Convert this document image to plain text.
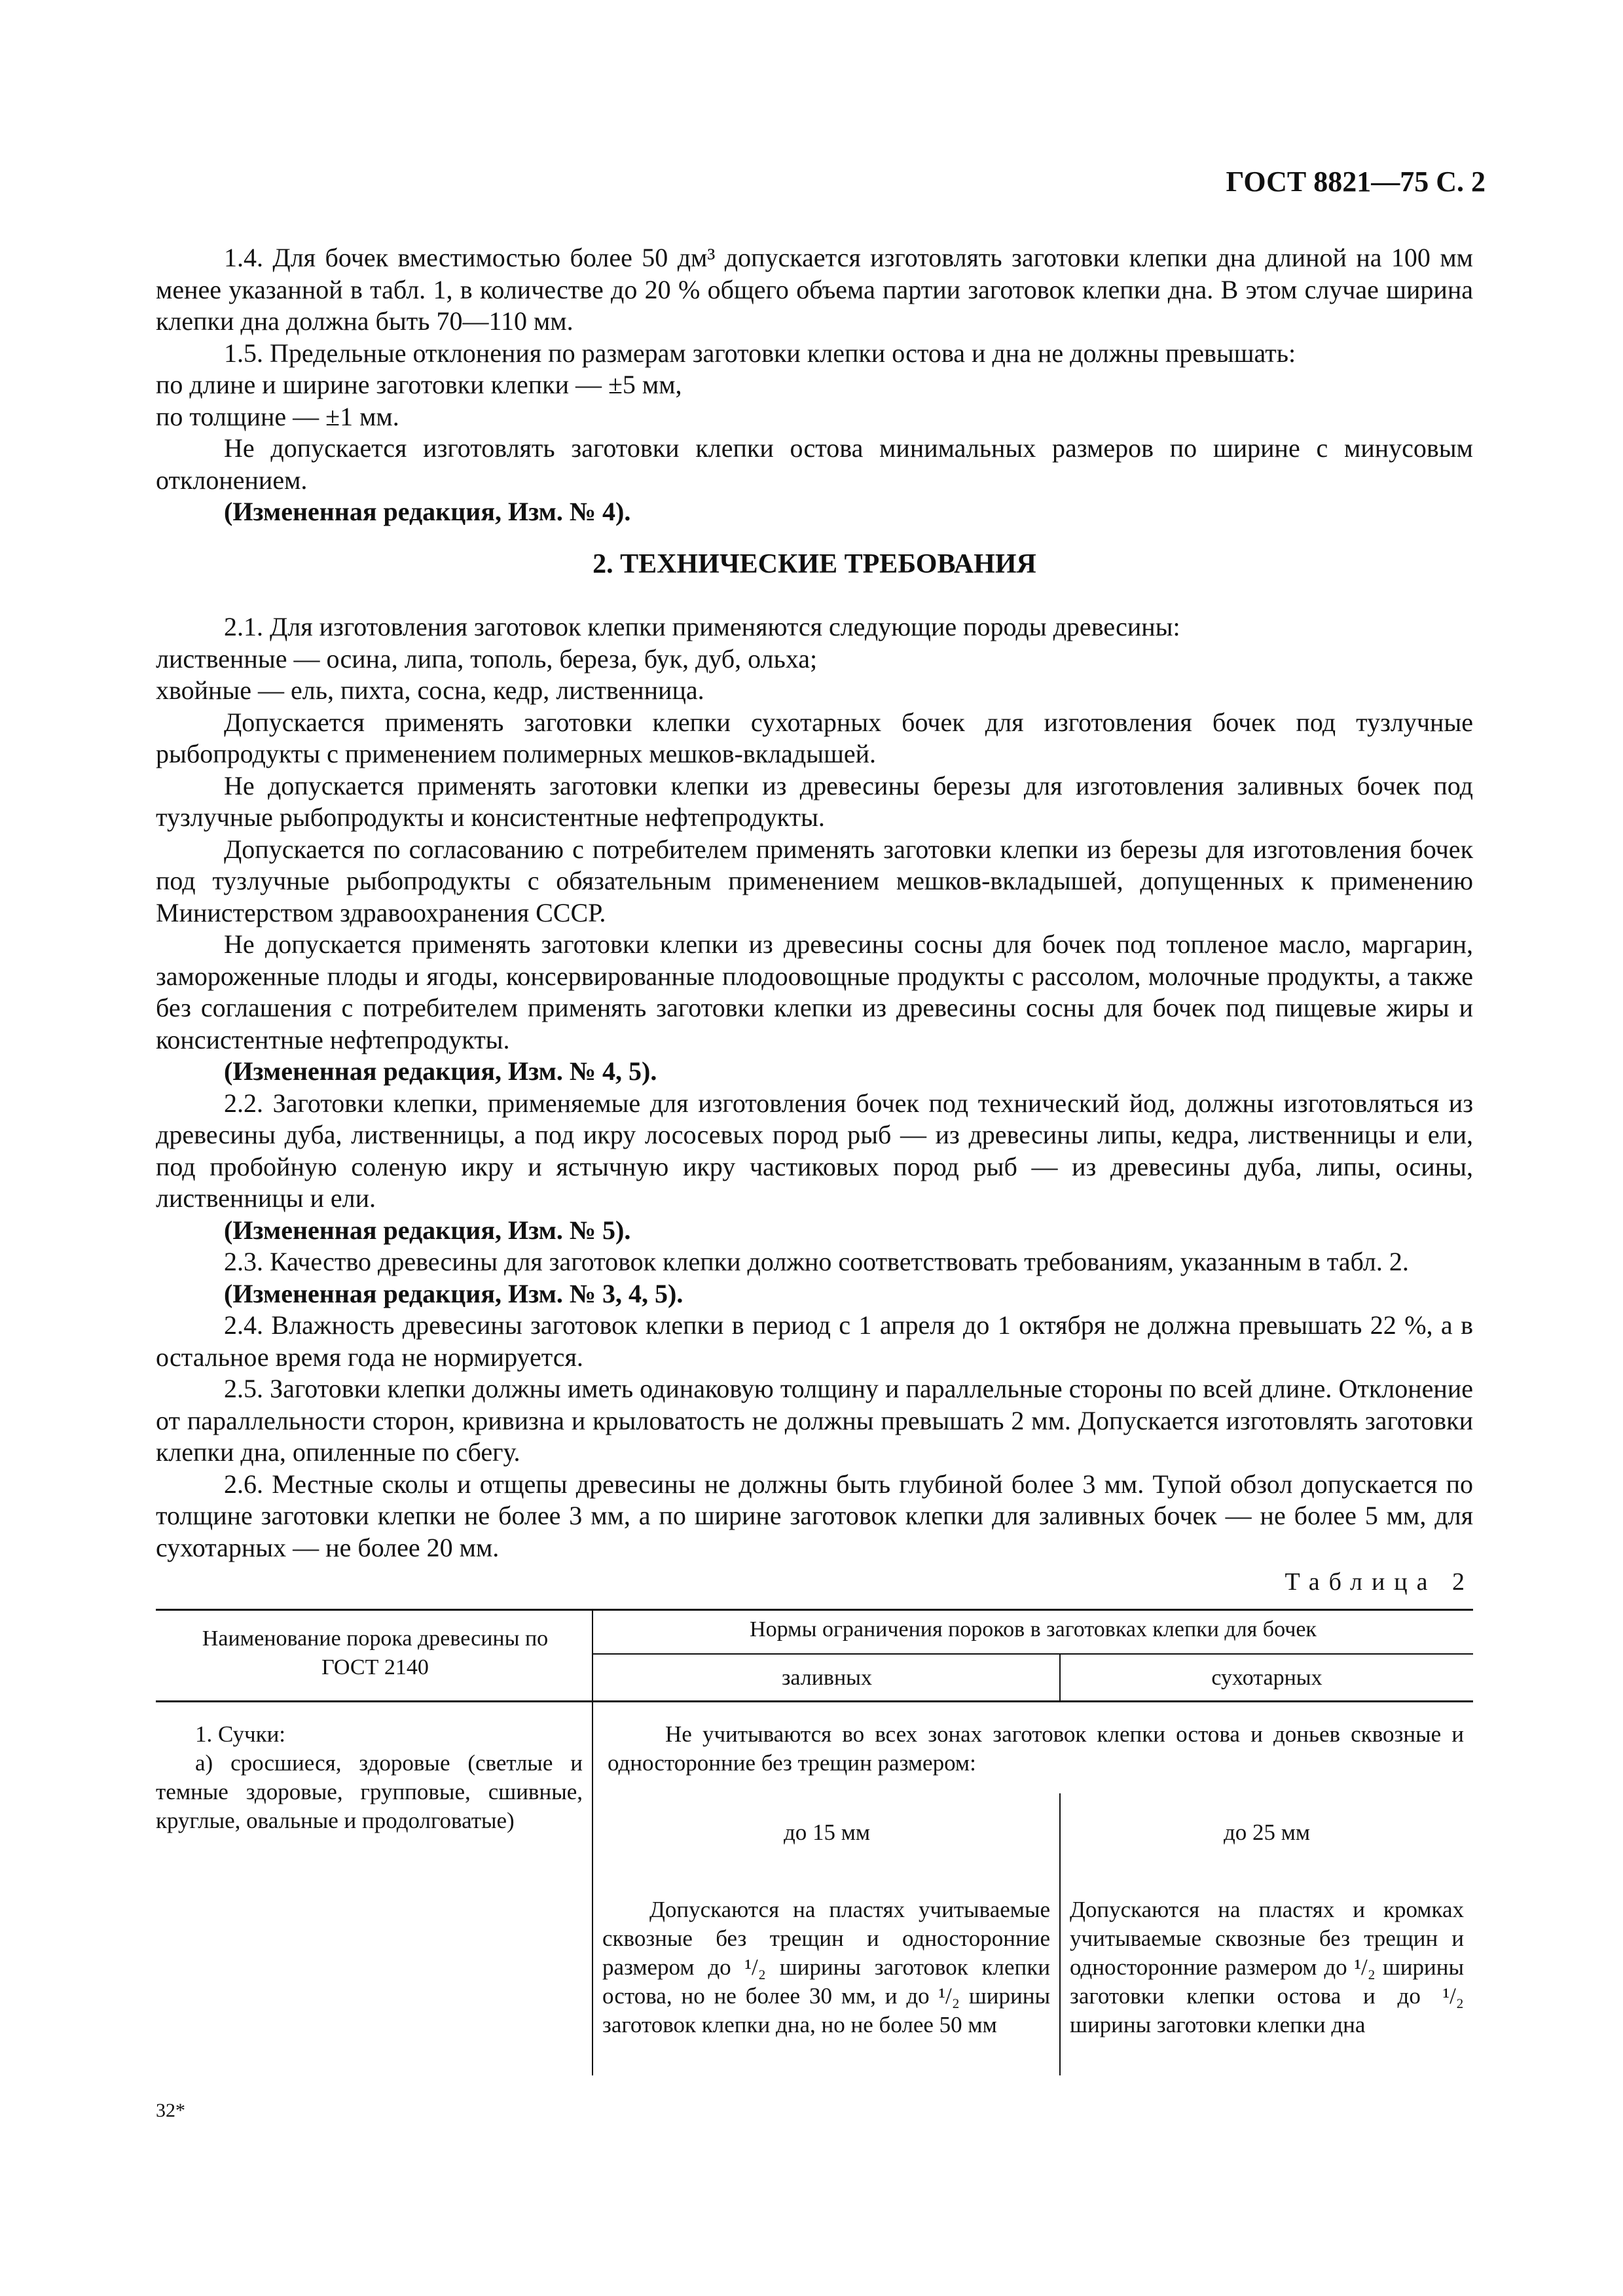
ГОСТ 8821—75 С. 2

1.4. Для бочек вместимостью более 50 дм³ допускается изготовлять заготовки клепки дна длиной на 100 мм менее указанной в табл. 1, в количестве до 20 % общего объема партии заготовок клепки дна. В этом случае ширина клепки дна должна быть 70—110 мм.

1.5. Предельные отклонения по размерам заготовки клепки остова и дна не должны превышать:

по длине и ширине заготовки клепки — ±5 мм,

по толщине — ±1 мм.

Не допускается изготовлять заготовки клепки остова минимальных размеров по ширине с минусовым отклонением.

(Измененная редакция, Изм. № 4).

2. ТЕХНИЧЕСКИЕ ТРЕБОВАНИЯ

2.1. Для изготовления заготовок клепки применяются следующие породы древесины:

лиственные — осина, липа, тополь, береза, бук, дуб, ольха;

хвойные — ель, пихта, сосна, кедр, лиственница.

Допускается применять заготовки клепки сухотарных бочек для изготовления бочек под тузлучные рыбопродукты с применением полимерных мешков-вкладышей.

Не допускается применять заготовки клепки из древесины березы для изготовления заливных бочек под тузлучные рыбопродукты и консистентные нефтепродукты.

Допускается по согласованию с потребителем применять заготовки клепки из березы для изготовления бочек под тузлучные рыбопродукты с обязательным применением мешков-вкладышей, допущенных к применению Министерством здравоохранения СССР.

Не допускается применять заготовки клепки из древесины сосны для бочек под топленое масло, маргарин, замороженные плоды и ягоды, консервированные плодоовощные продукты с рассолом, молочные продукты, а также без соглашения с потребителем применять заготовки клепки из древесины сосны для бочек под пищевые жиры и консистентные нефтепродукты.

(Измененная редакция, Изм. № 4, 5).

2.2. Заготовки клепки, применяемые для изготовления бочек под технический йод, должны изготовляться из древесины дуба, лиственницы, а под икру лососевых пород рыб — из древесины липы, кедра, лиственницы и ели, под пробойную соленую икру и ястычную икру частиковых пород рыб — из древесины дуба, липы, осины, лиственницы и ели.

(Измененная редакция, Изм. № 5).

2.3. Качество древесины для заготовок клепки должно соответствовать требованиям, указанным в табл. 2.

(Измененная редакция, Изм. № 3, 4, 5).

2.4. Влажность древесины заготовок клепки в период с 1 апреля до 1 октября не должна превышать 22 %, а в остальное время года не нормируется.

2.5. Заготовки клепки должны иметь одинаковую толщину и параллельные стороны по всей длине. Отклонение от параллельности сторон, кривизна и крыловатость не должны превышать 2 мм. Допускается изготовлять заготовки клепки дна, опиленные по сбегу.

2.6. Местные сколы и отщепы древесины не должны быть глубиной более 3 мм. Тупой обзол допускается по толщине заготовки клепки не более 3 мм, а по ширине заготовок клепки для заливных бочек — не более 5 мм, для сухотарных — не более 20 мм.

Таблица 2
Наименование порока древесины по ГОСТ 2140
Нормы ограничения пороков в заготовках клепки для бочек
заливных	сухотарных
1. Сучки:
а) сросшиеся, здоровые (светлые и темные здоровые, групповые, сшивные, круглые, овальные и продолговатые)
Не учитываются во всех зонах заготовок клепки остова и доньев сквозные и односторонние без трещин размером:
до 15 мм	до 25 мм
Допускаются на пластях учитываемые сквозные без трещин и односторонние размером до ¹/₂ ширины заготовок клепки остова, но не более 30 мм, и до ¹/₂ ширины заготовок клепки дна, но не более 50 мм
Допускаются на пластях и кромках учитываемые сквозные без трещин и односторонние размером до ¹/₂ ширины заготовки клепки остова и до ¹/₂ ширины заготовки клепки дна
32*
